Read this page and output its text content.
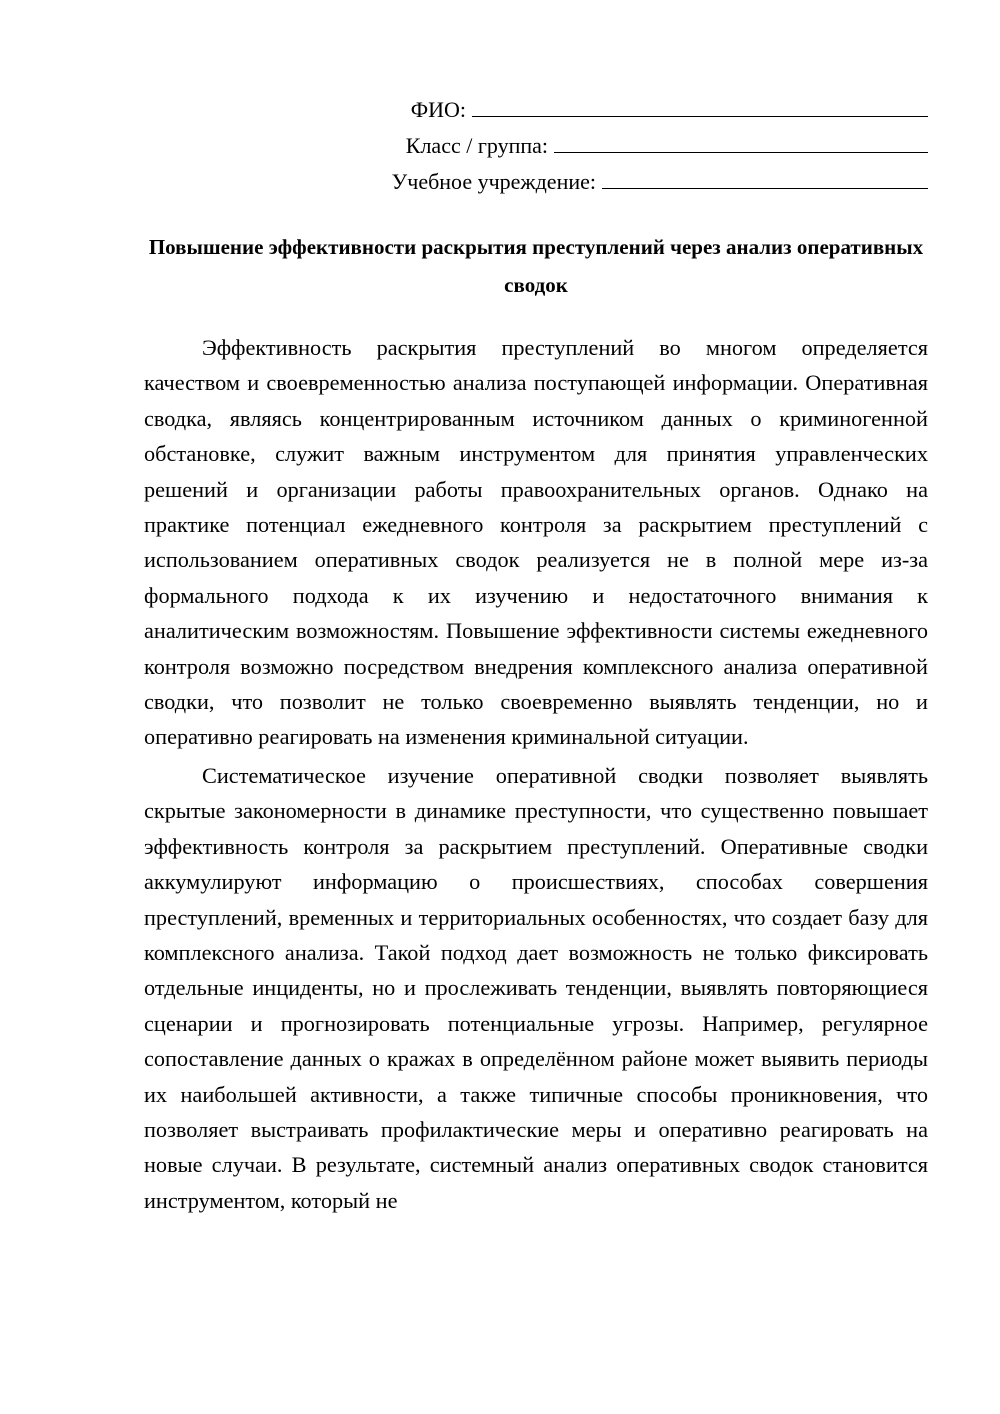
ФИО:
Класс / группа:
Учебное учреждение:
Повышение эффективности раскрытия преступлений через анализ оперативных сводок

Эффективность раскрытия преступлений во многом определяется качеством и своевременностью анализа поступающей информации. Оперативная сводка, являясь концентрированным источником данных о криминогенной обстановке, служит важным инструментом для принятия управленческих решений и организации работы правоохранительных органов. Однако на практике потенциал ежедневного контроля за раскрытием преступлений с использованием оперативных сводок реализуется не в полной мере из-за формального подхода к их изучению и недостаточного внимания к аналитическим возможностям. Повышение эффективности системы ежедневного контроля возможно посредством внедрения комплексного анализа оперативной сводки, что позволит не только своевременно выявлять тенденции, но и оперативно реагировать на изменения криминальной ситуации.

Систематическое изучение оперативной сводки позволяет выявлять скрытые закономерности в динамике преступности, что существенно повышает эффективность контроля за раскрытием преступлений. Оперативные сводки аккумулируют информацию о происшествиях, способах совершения преступлений, временных и территориальных особенностях, что создает базу для комплексного анализа. Такой подход дает возможность не только фиксировать отдельные инциденты, но и прослеживать тенденции, выявлять повторяющиеся сценарии и прогнозировать потенциальные угрозы. Например, регулярное сопоставление данных о кражах в определённом районе может выявить периоды их наибольшей активности, а также типичные способы проникновения, что позволяет выстраивать профилактические меры и оперативно реагировать на новые случаи. В результате, системный анализ оперативных сводок становится инструментом, который не
